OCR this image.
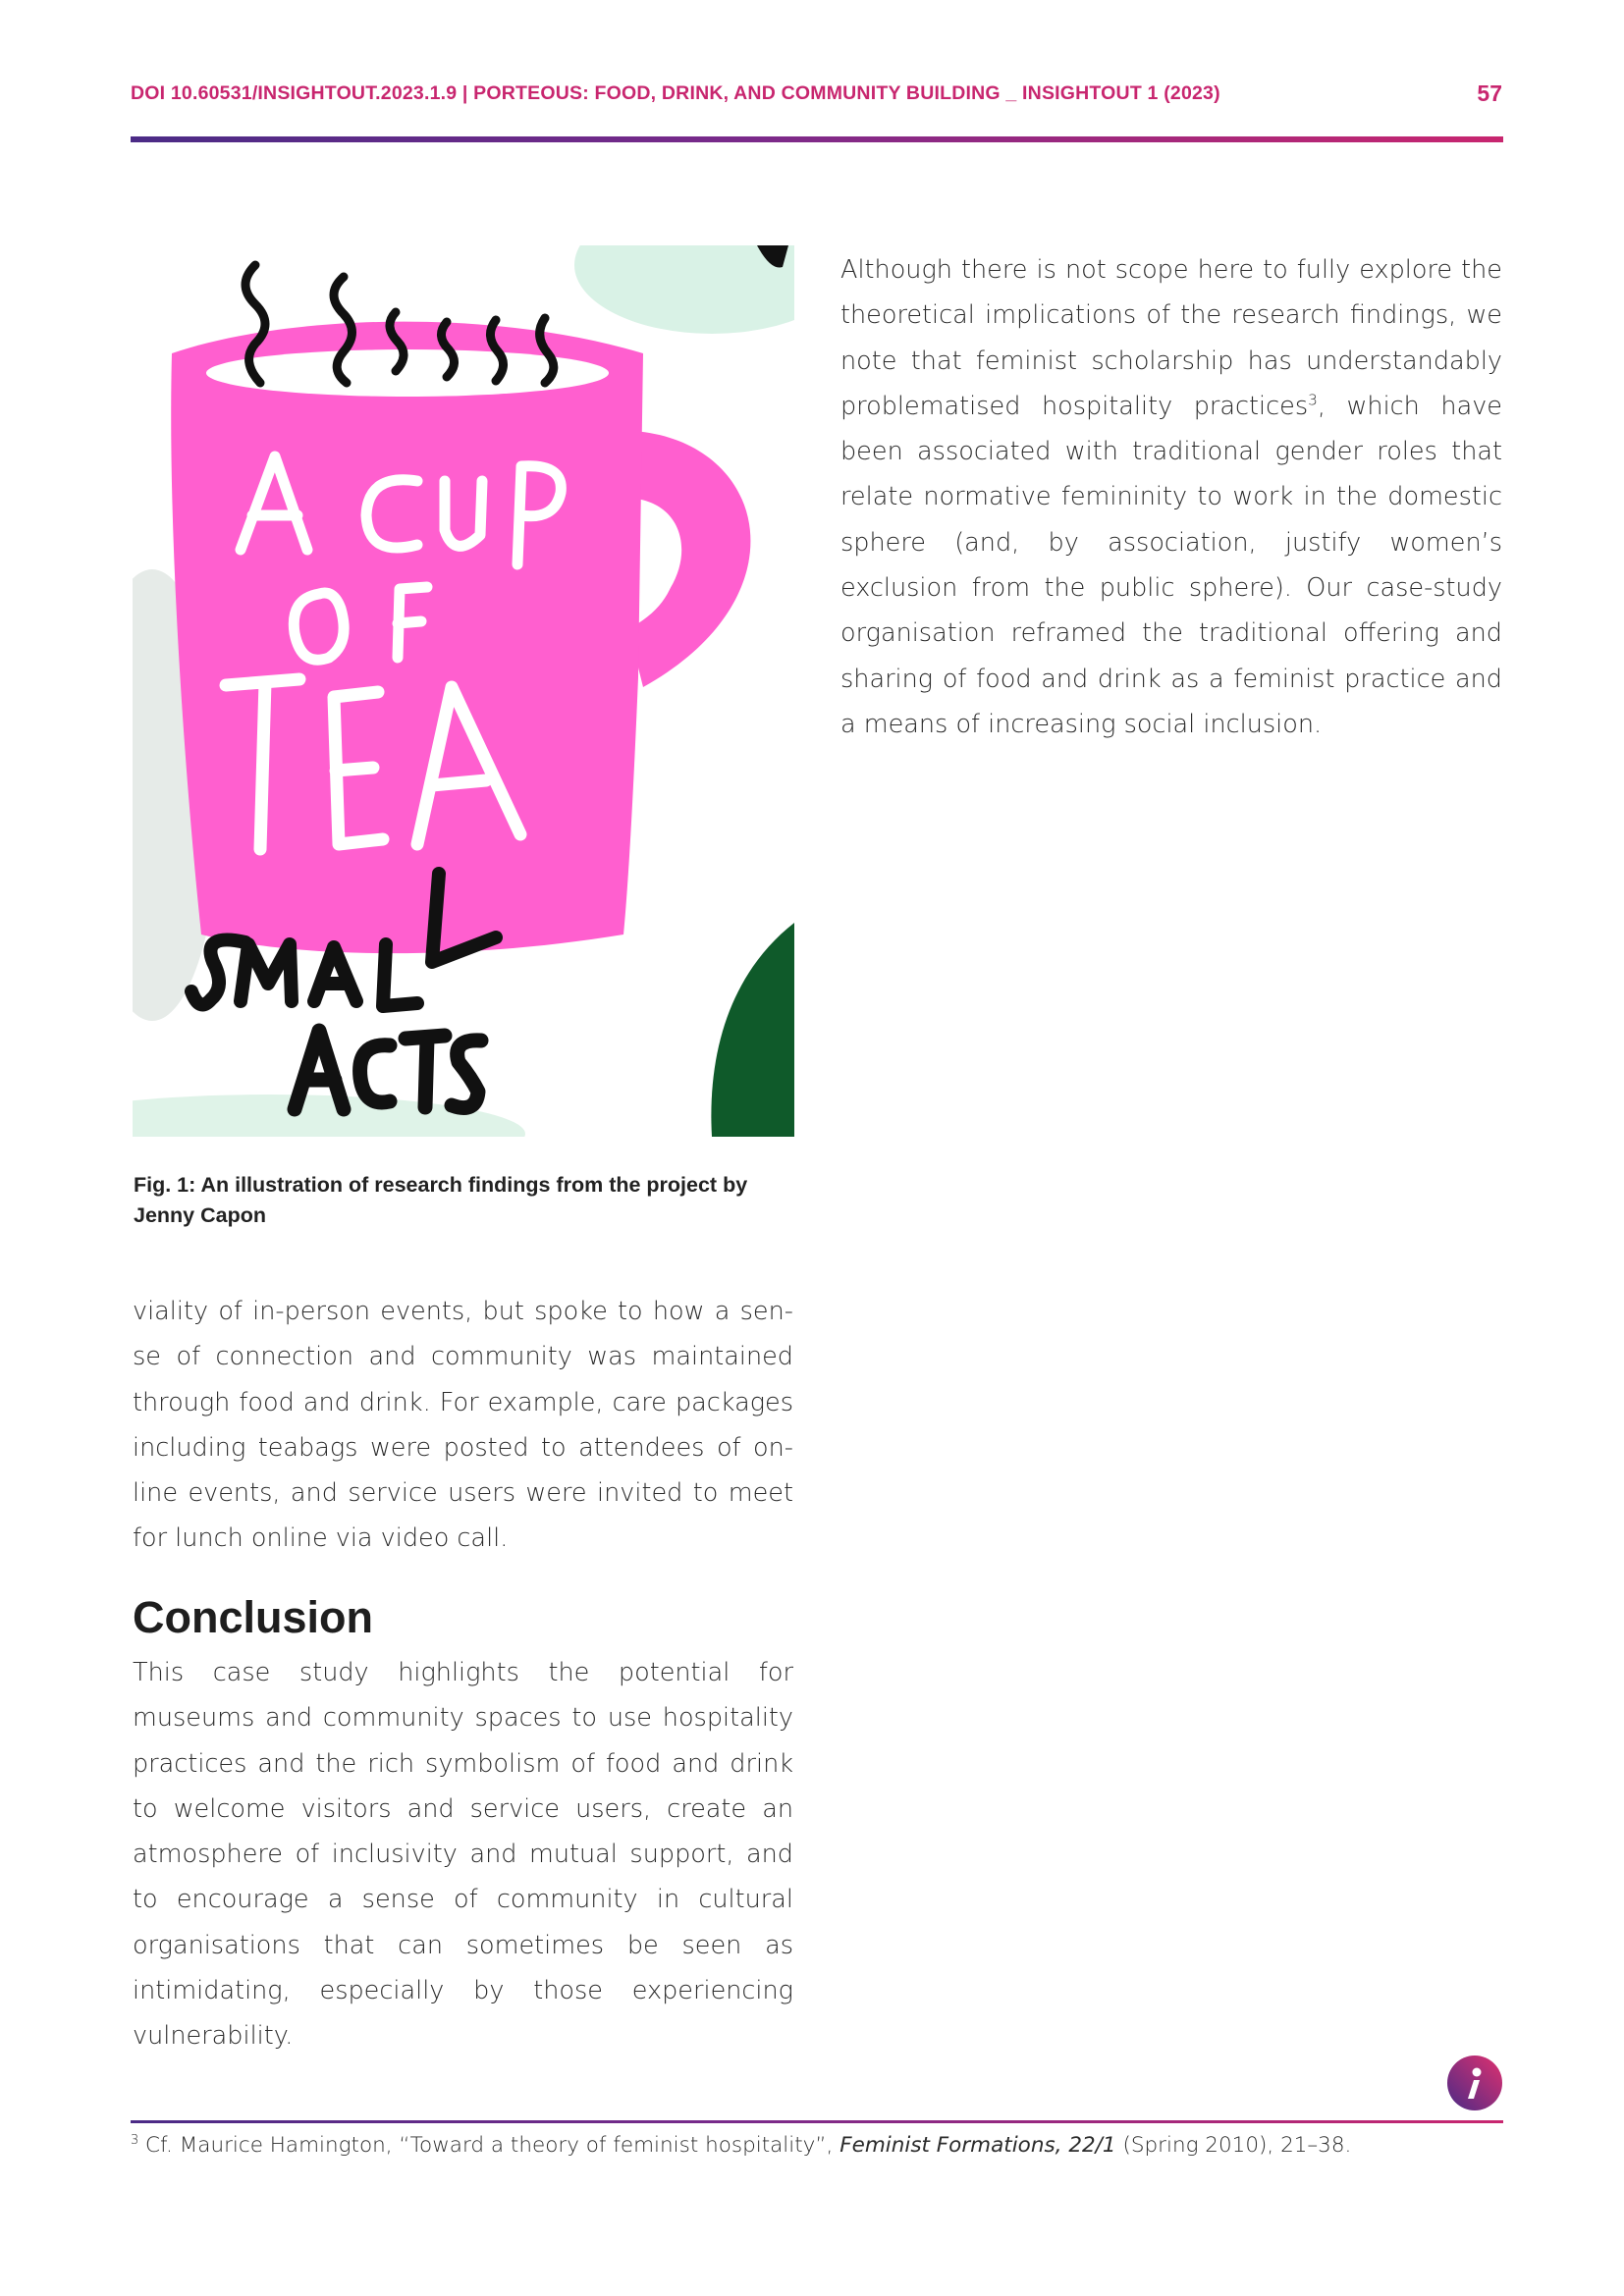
DOI 10.60531/INSIGHTOUT.2023.1.9 | PORTEOUS: FOOD, DRINK, AND COMMUNITY BUILDING _ INSIGHTOUT 1 (2023)	57
Fig. 1: An illustration of research findings from the project by Jenny Capon

Although there is not scope here to fully explore the theoretical implications of the research findings, we note that feminist scholarship has understandably problematised hospitality practices$^3$, which have been associated with traditional gender roles that relate normative femininity to work in the domestic sphere (and, by association, justify women’s exclusion from the public sphere). Our case-study organisation reframed the traditional offering and sharing of food and drink as a feminist practice and a means of increasing social inclusion.

viality of in-person events, but spoke to how a sense of connection and community was maintained through food and drink. For example, care packages including teabags were posted to attendees of online events, and service users were invited to meet for lunch online via video call.

Conclusion

This case study highlights the potential for museums and community spaces to use hospitality practices and the rich symbolism of food and drink to welcome visitors and service users, create an atmosphere of inclusivity and mutual support, and to encourage a sense of community in cultural organisations that can sometimes be seen as intimidating, especially by those experiencing vulnerability.

$^3$ Cf. Maurice Hamington, “Toward a theory of feminist hospitality”, Feminist Formations, 22/1 (Spring 2010), 21–38.
